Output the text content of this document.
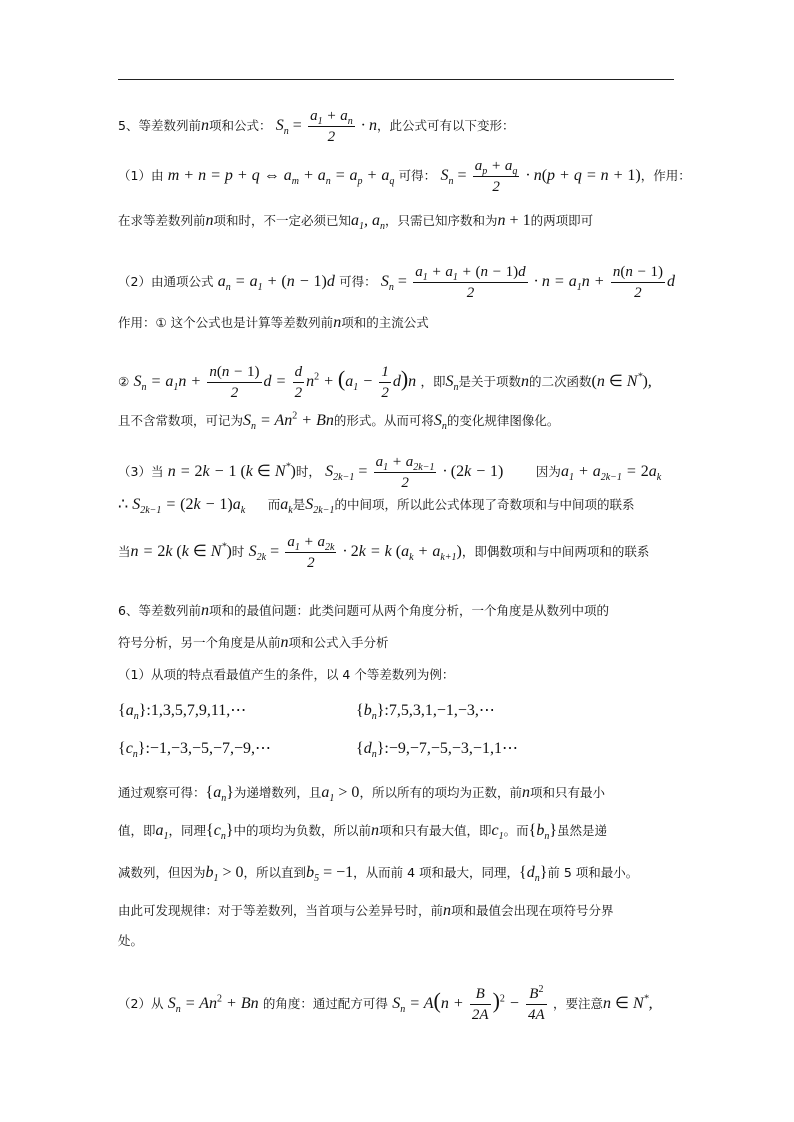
5、等差数列前n项和公式： $S_n = \frac{a_1 + a_n}{2} \cdot n$，此公式可有以下变形：
（1）由 m + n = p + q ⇔ $a_m + a_n = a_p + a_q$ 可得： $S_n = \frac{a_p + a_q}{2} \cdot n(p + q = n + 1)$，作用：
在求等差数列前n项和时，不一定必须已知$a_1$, $a_n$，只需已知序数和为n + 1的两项即可
（2）由通项公式 $a_n = a_1 + (n - 1)d$ 可得： $S_n = \frac{a_1 + a_1 + (n - 1)d}{2} \cdot n = a_1n + \frac{n(n - 1)}{2}$ d
作用：① 这个公式也是计算等差数列前n项和的主流公式
② $S_n = a_1n + \frac{n(n - 1)}{2}$ $d = \frac{d}{2} n^2 + (a_1 - \frac{1}{2} d)n$ ，即$S_n$是关于项数n的二次函数(n ∈ N*),
且不含常数项，可记为$S_n = An^2 + Bn$的形式。从而可将$S_n$的变化规律图像化。
（3）当 n = 2k − 1 (k ∈ N*)时， $S_{2k-1} = \frac{a_1 + a_{2k-1}}{2} \cdot (2k - 1)$	因为$a_1 + a_{2k-1} = 2a_k$
∴ $S_{2k-1} = (2k - 1)a_k$ 而$a_k$是$S_{2k-1}$的中间项，所以此公式体现了奇数项和与中间项的联系
当n = 2k (k ∈ N*)时 $S_{2k} = \frac{a_1 + a_{2k}}{2} \cdot 2k = k$ $(a_k + a_{k+1})$，即偶数项和与中间两项和的联系
6、等差数列前n项和的最值问题：此类问题可从两个角度分析，一个角度是从数列中项的
符号分析，另一个角度是从前n项和公式入手分析
（1）从项的特点看最值产生的条件，以 4 个等差数列为例：
$\{a_n\}:1,3,5,7,9,11,\cdots$	$\{b_n\}:7,5,3,1,-1,-3,\cdots$
$\{c_n\}:-1,-3,-5,-7,-9,\cdots$	$\{d_n\}:-9,-7,-5,-3,-1,1\cdots$
通过观察可得：$\{a_n\}$为递增数列，且$a_1 > 0$，所以所有的项均为正数，前n项和只有最小
值，即$a_1$，同理$\{c_n\}$中的项均为负数，所以前n项和只有最大值，即$c_1$。而$\{b_n\}$虽然是递
减数列，但因为$b_1 > 0$，所以直到$b_5 = -1$，从而前 4 项和最大，同理，$\{d_n\}$前 5 项和最小。
由此可发现规律：对于等差数列，当首项与公差异号时，前n项和最值会出现在项符号分界
处。
（2）从 $S_n = An^2 + Bn$ 的角度：通过配方可得 $S_n = A(n + \frac{B}{2A} )^2 - \frac{B^2}{4A}$ ，要注意n ∈ N*,
